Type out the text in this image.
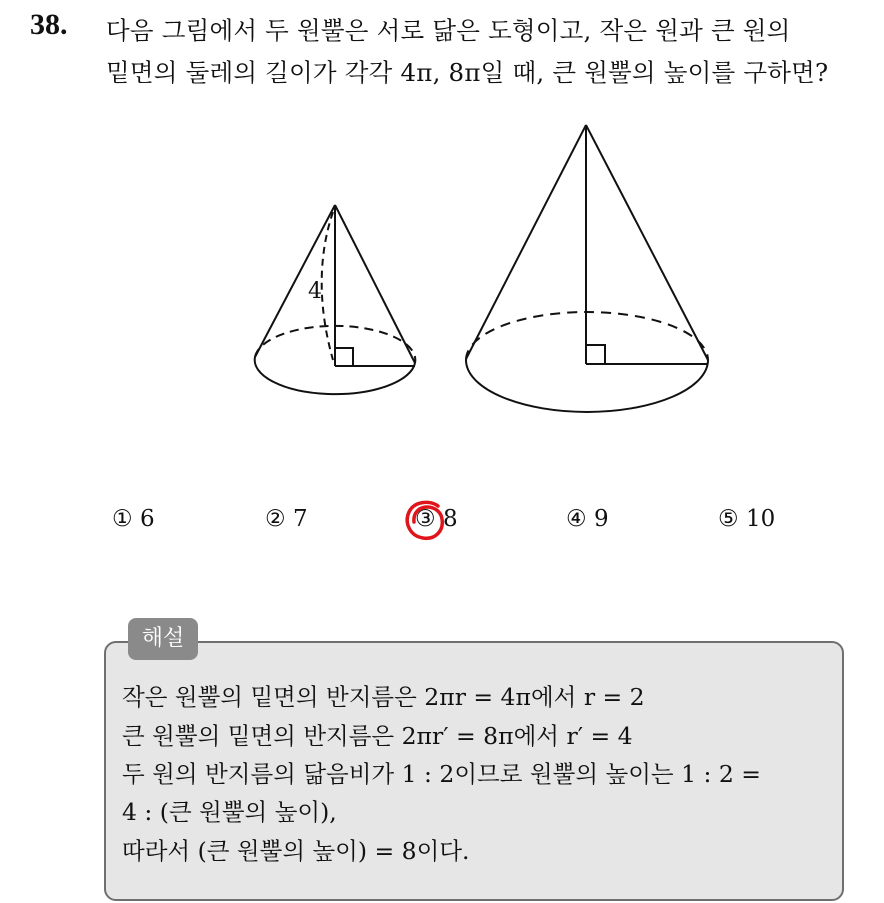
38. 다음 그림에서 두 원뿔은 서로 닮은 도형이고, 작은 원과 큰 원의
밑면의 둘레의 길이가 각각 4π, 8π일 때, 큰 원뿔의 높이를 구하면?
4
① 6	② 7	③ 8	④ 9	⑤ 10
해설
작은 원뿔의 밑면의 반지름은 2πr = 4π에서 r = 2
큰 원뿔의 밑면의 반지름은 2πr′ = 8π에서 r′ = 4
두 원의 반지름의 닮음비가 1 : 2이므로 원뿔의 높이는 1 : 2 =
4 : (큰 원뿔의 높이),
따라서 (큰 원뿔의 높이) = 8이다.
